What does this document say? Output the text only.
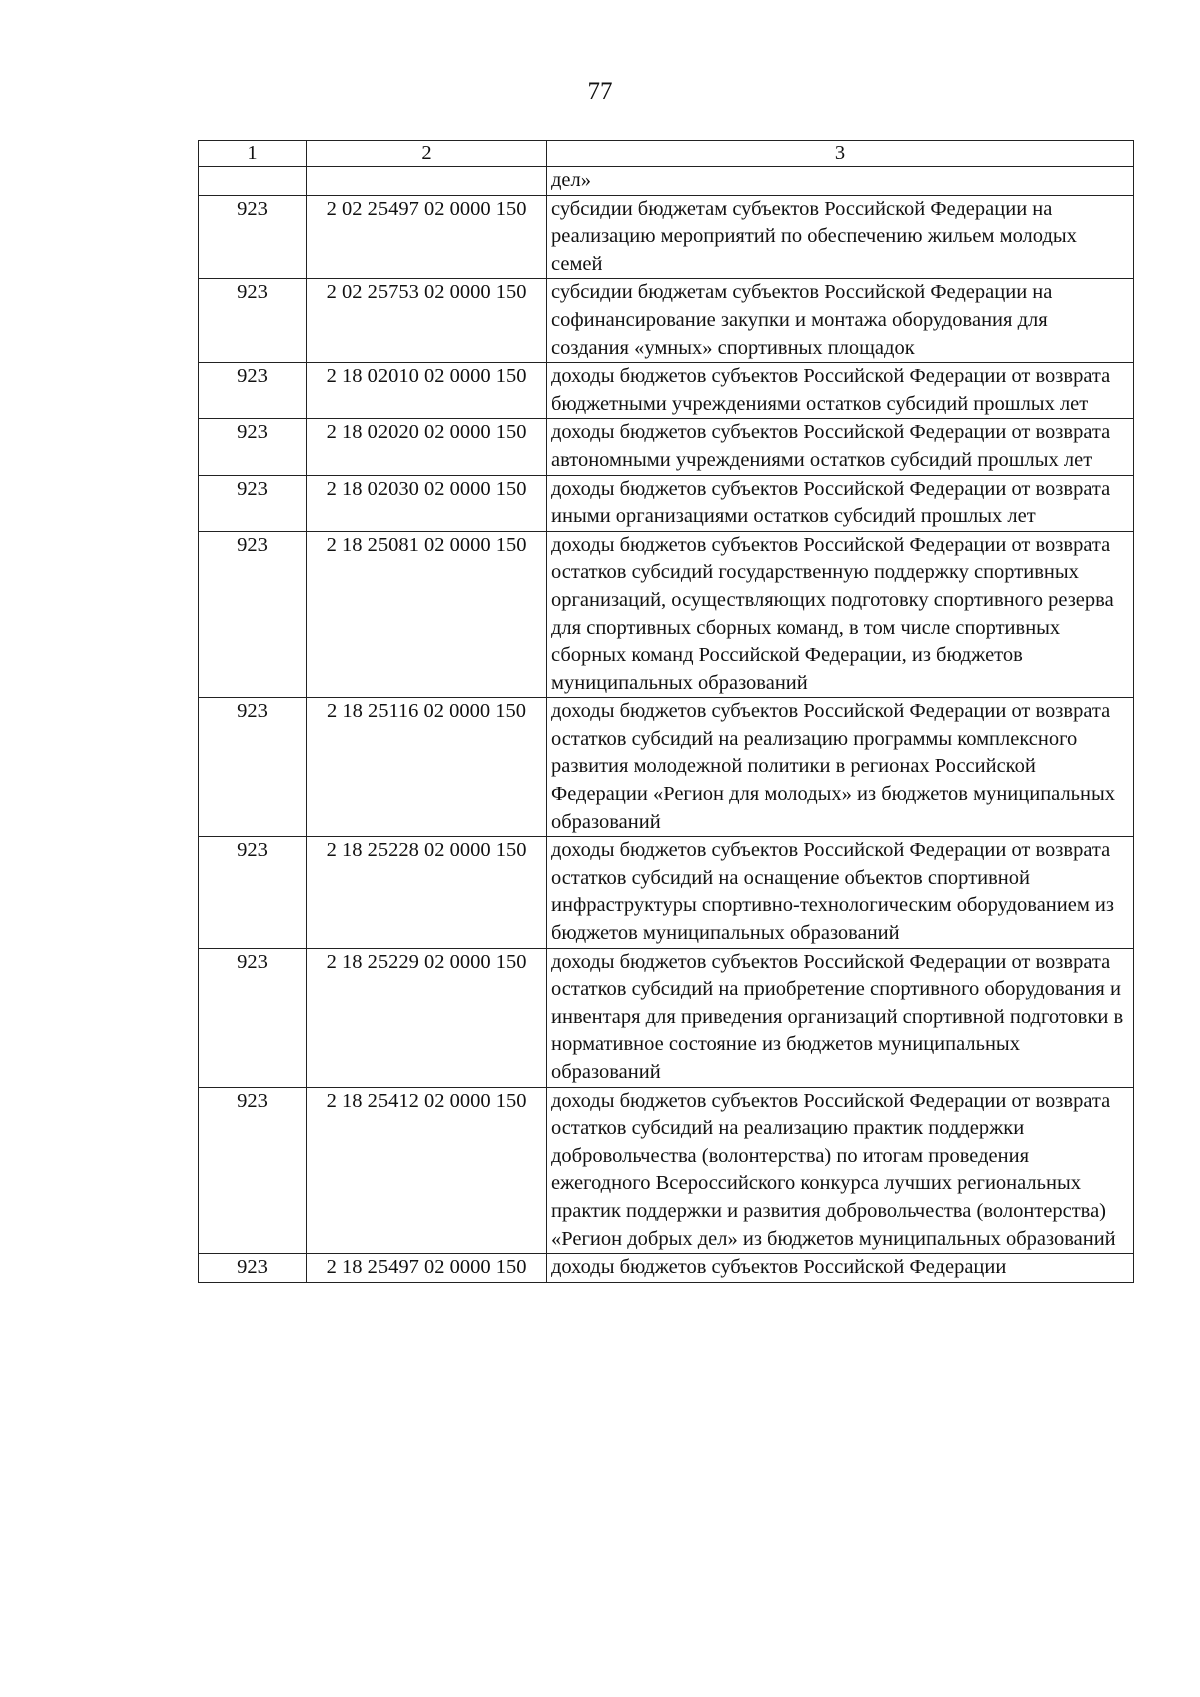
77
1	2	3
		дел»
923	2 02 25497 02 0000 150	субсидии бюджетам субъектов Российской Федерации на реализацию мероприятий по обеспечению жильем молодых семей
923	2 02 25753 02 0000 150	субсидии бюджетам субъектов Российской Федерации на софинансирование закупки и монтажа оборудования для создания «умных» спортивных площадок
923	2 18 02010 02 0000 150	доходы бюджетов субъектов Российской Федерации от возврата бюджетными учреждениями остатков субсидий прошлых лет
923	2 18 02020 02 0000 150	доходы бюджетов субъектов Российской Федерации от возврата автономными учреждениями остатков субсидий прошлых лет
923	2 18 02030 02 0000 150	доходы бюджетов субъектов Российской Федерации от возврата иными организациями остатков субсидий прошлых лет
923	2 18 25081 02 0000 150	доходы бюджетов субъектов Российской Федерации от возврата остатков субсидий государственную поддержку спортивных организаций, осуществляющих подготовку спортивного резерва для спортивных сборных команд, в том числе спортивных сборных команд Российской Федерации, из бюджетов муниципальных образований
923	2 18 25116 02 0000 150	доходы бюджетов субъектов Российской Федерации от возврата остатков субсидий на реализацию программы комплексного развития молодежной политики в регионах Российской Федерации «Регион для молодых» из бюджетов муниципальных образований
923	2 18 25228 02 0000 150	доходы бюджетов субъектов Российской Федерации от возврата остатков субсидий на оснащение объектов спортивной инфраструктуры спортивно-технологическим оборудованием из бюджетов муниципальных образований
923	2 18 25229 02 0000 150	доходы бюджетов субъектов Российской Федерации от возврата остатков субсидий на приобретение спортивного оборудования и инвентаря для приведения организаций спортивной подготовки в нормативное состояние из бюджетов муниципальных образований
923	2 18 25412 02 0000 150	доходы бюджетов субъектов Российской Федерации от возврата остатков субсидий на реализацию практик поддержки добровольчества (волонтерства) по итогам проведения ежегодного Всероссийского конкурса лучших региональных практик поддержки и развития добровольчества (волонтерства) «Регион добрых дел» из бюджетов муниципальных образований
923	2 18 25497 02 0000 150	доходы бюджетов субъектов Российской Федерации
